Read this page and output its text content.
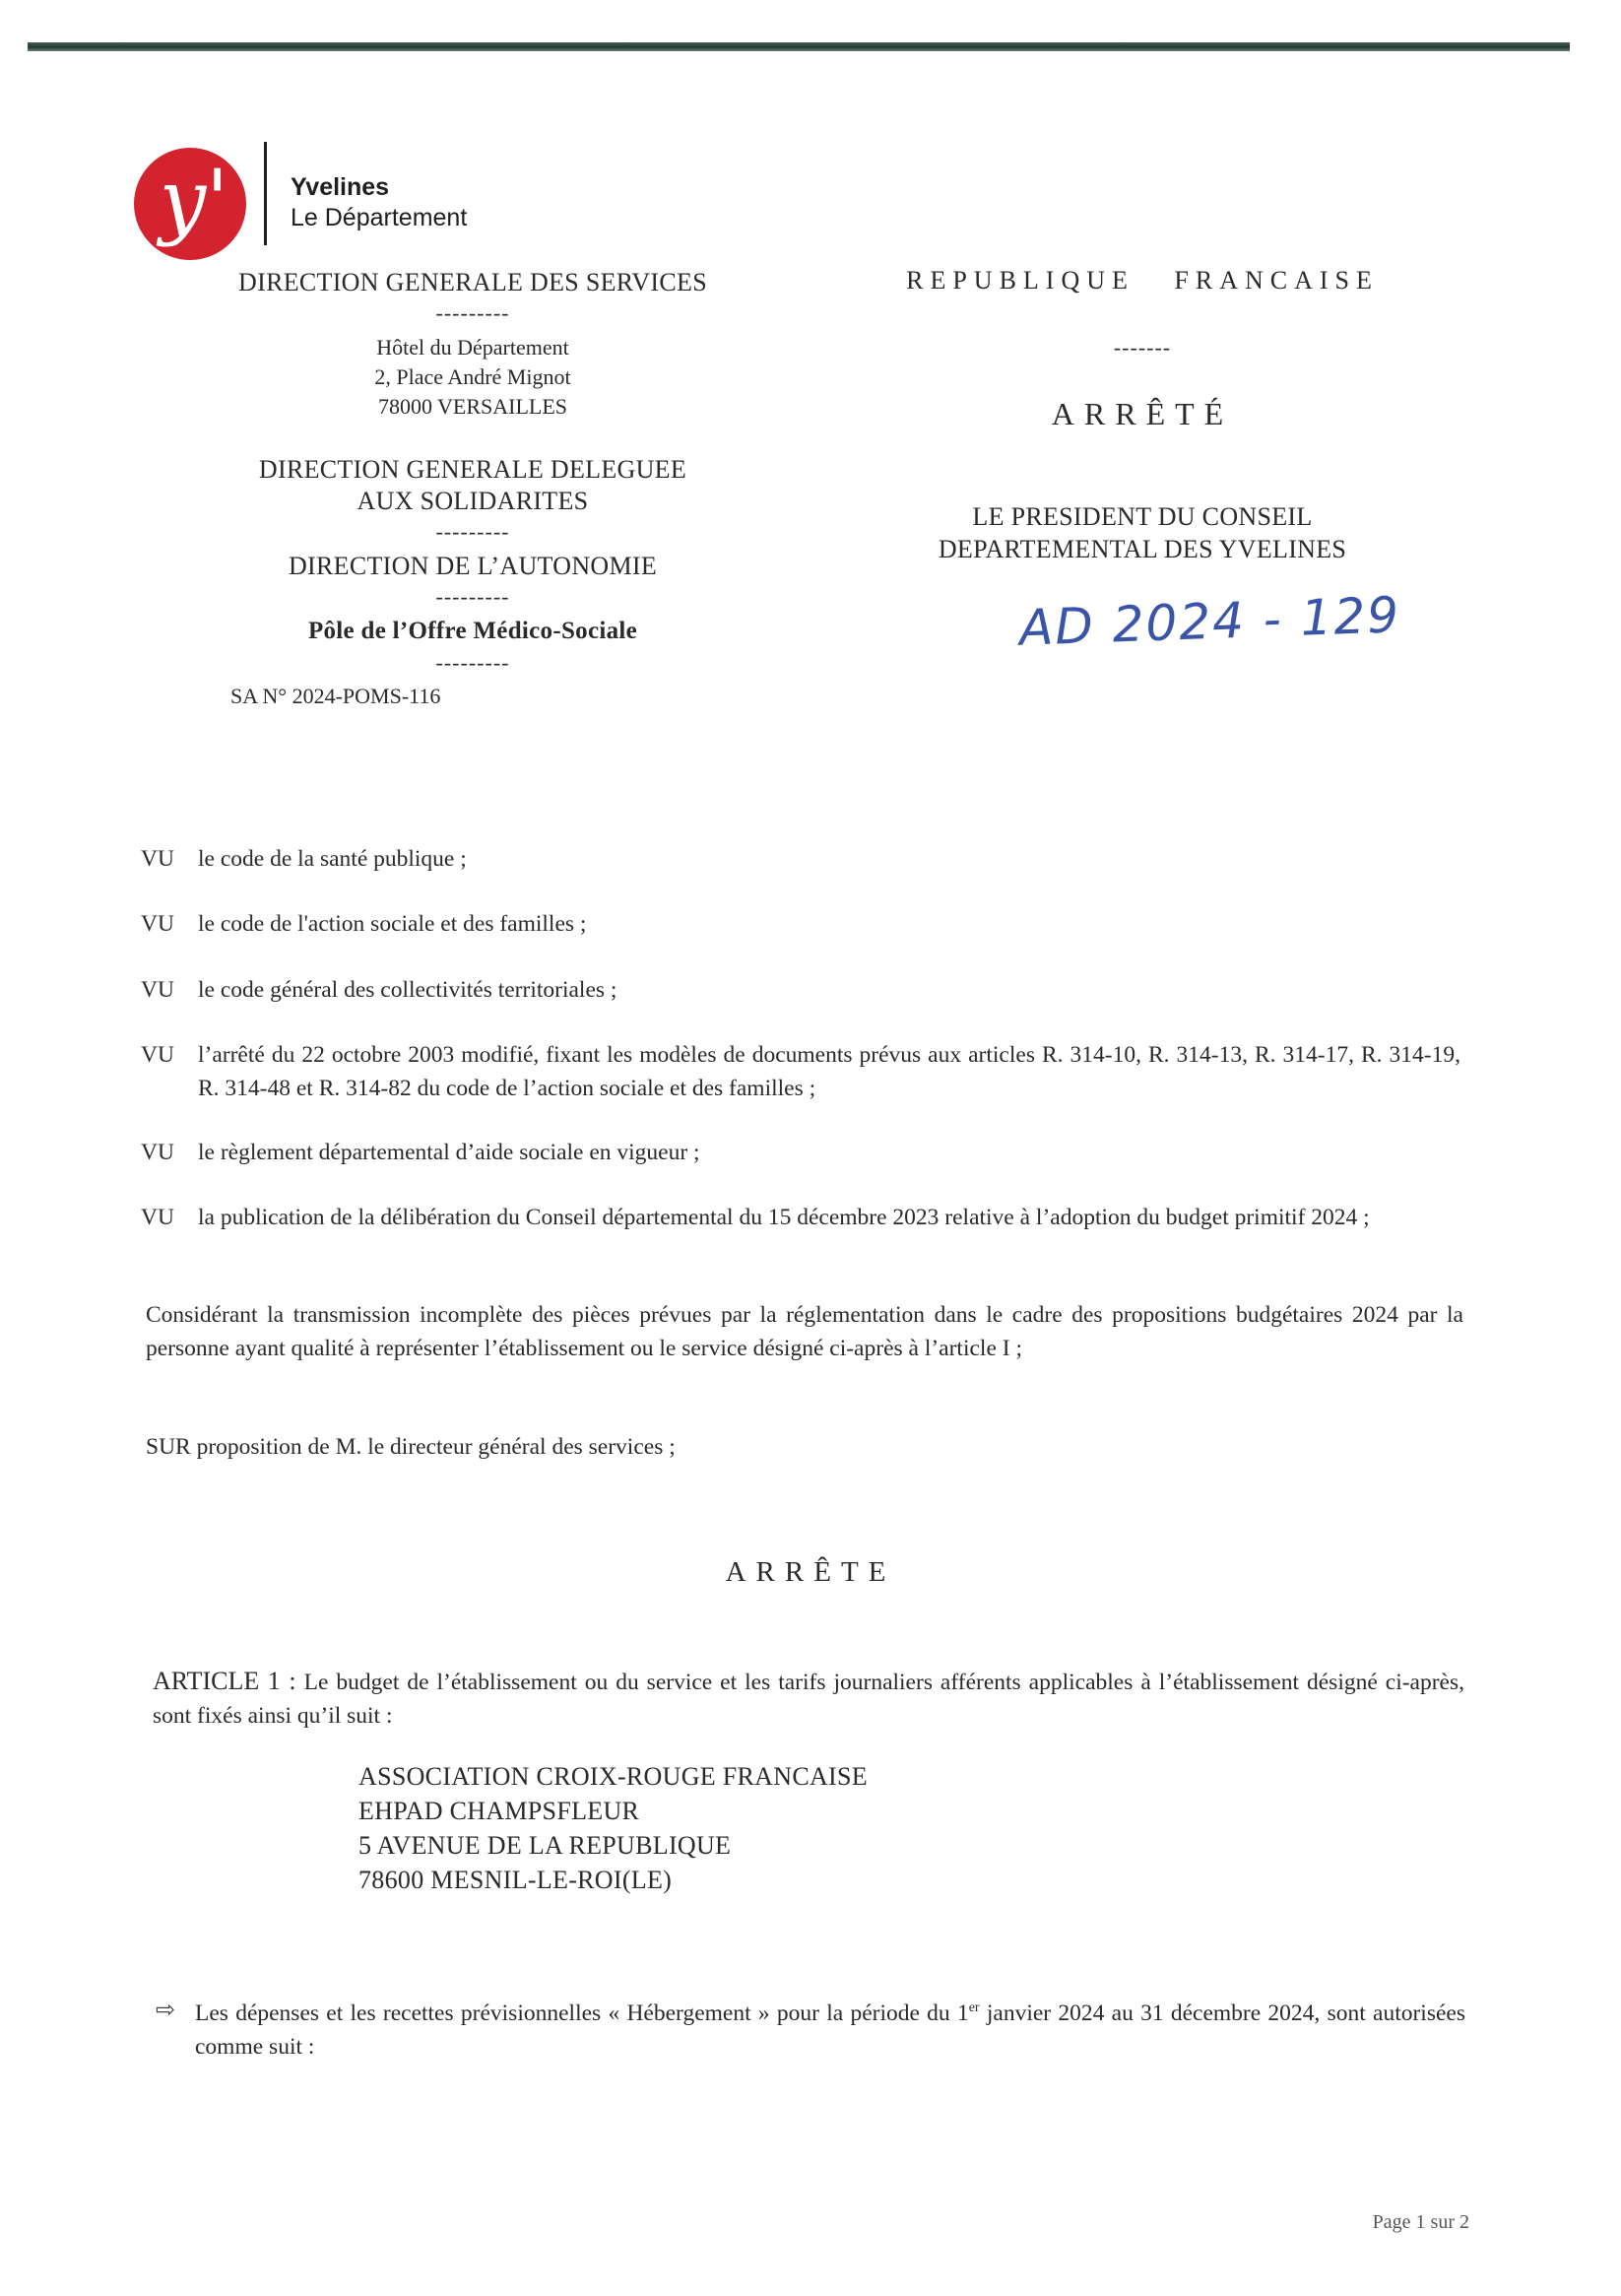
y'	Yvelines
Le Département
DIRECTION GENERALE DES SERVICES
---------
Hôtel du Département
2, Place André Mignot
78000 VERSAILLES
DIRECTION GENERALE DELEGUEE
AUX SOLIDARITES
---------
DIRECTION DE L’AUTONOMIE
---------
Pôle de l’Offre Médico-Sociale
---------
SA N° 2024-POMS-116
REPUBLIQUE   FRANCAISE
-------
ARRÊTÉ
LE PRESIDENT DU CONSEIL
DEPARTEMENTAL DES YVELINES
AD 2024 - 129
VU le code de la santé publique ;
VU le code de l'action sociale et des familles ;
VU le code général des collectivités territoriales ;
VU l’arrêté du 22 octobre 2003 modifié, fixant les modèles de documents prévus aux articles R. 314-10, R. 314-13, R. 314-17, R. 314-19, R. 314-48 et R. 314-82 du code de l’action sociale et des familles ;
VU le règlement départemental d’aide sociale en vigueur ;
VU la publication de la délibération du Conseil départemental du 15 décembre 2023 relative à l’adoption du budget primitif 2024 ;
Considérant la transmission incomplète des pièces prévues par la réglementation dans le cadre des propositions budgétaires 2024 par la personne ayant qualité à représenter l’établissement ou le service désigné ci-après à l’article I ;
SUR proposition de M. le directeur général des services ;
ARRÊTE
ARTICLE 1 : Le budget de l’établissement ou du service et les tarifs journaliers afférents applicables à l’établissement désigné ci-après, sont fixés ainsi qu’il suit :
ASSOCIATION CROIX-ROUGE FRANCAISE
EHPAD CHAMPSFLEUR
5 AVENUE DE LA REPUBLIQUE
78600 MESNIL-LE-ROI(LE)
⇨ Les dépenses et les recettes prévisionnelles « Hébergement » pour la période du 1er janvier 2024 au 31 décembre 2024, sont autorisées comme suit :
Page 1 sur 2
